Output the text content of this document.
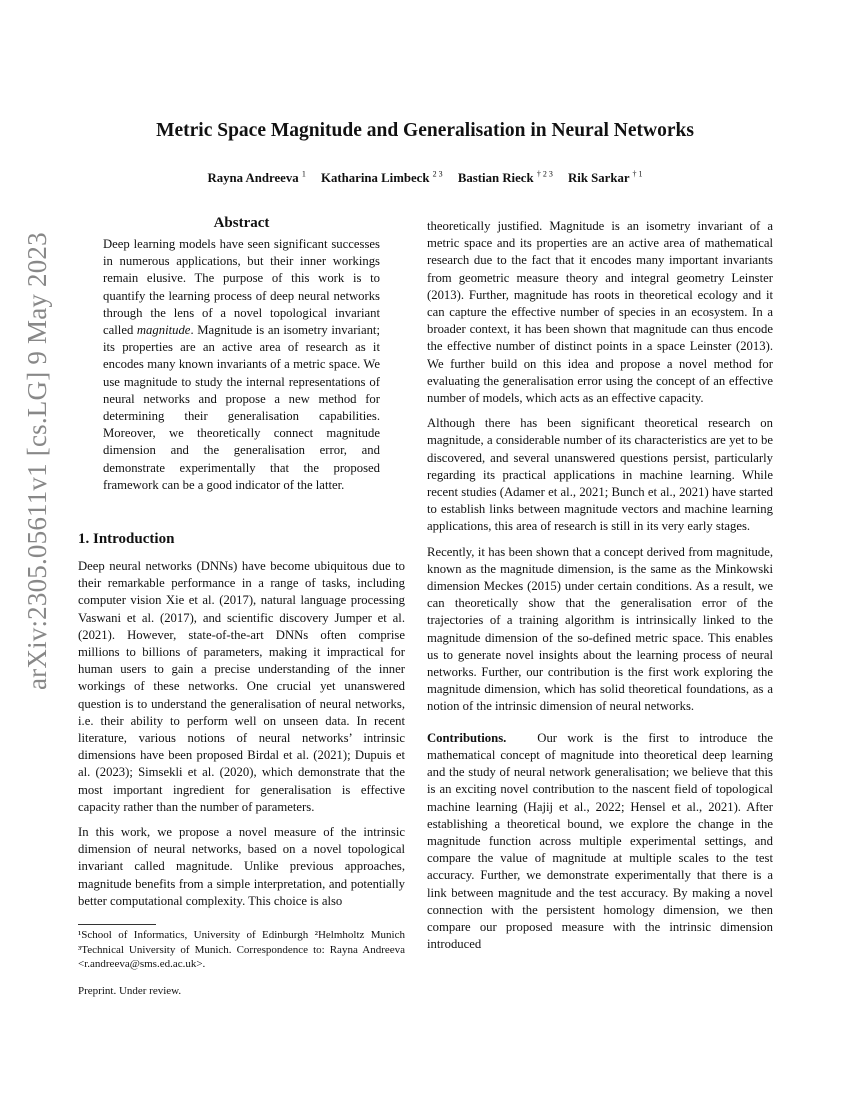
arXiv:2305.05611v1 [cs.LG] 9 May 2023
Metric Space Magnitude and Generalisation in Neural Networks
Rayna Andreeva $^1$ Katharina Limbeck $^{2 3}$ Bastian Rieck $^{\dagger 2 3}$ Rik Sarkar $^{\dagger 1}$
Abstract

Deep learning models have seen significant successes in numerous applications, but their inner workings remain elusive. The purpose of this work is to quantify the learning process of deep neural networks through the lens of a novel topological invariant called magnitude. Magnitude is an isometry invariant; its properties are an active area of research as it encodes many known invariants of a metric space. We use magnitude to study the internal representations of neural networks and propose a new method for determining their generalisation capabilities. Moreover, we theoretically connect magnitude dimension and the generalisation error, and demonstrate experimentally that the proposed framework can be a good indicator of the latter.

1. Introduction

Deep neural networks (DNNs) have become ubiquitous due to their remarkable performance in a range of tasks, including computer vision Xie et al. (2017), natural language processing Vaswani et al. (2017), and scientific discovery Jumper et al. (2021). However, state-of-the-art DNNs often comprise millions to billions of parameters, making it impractical for human users to gain a precise understanding of the inner workings of these networks. One crucial yet unanswered question is to understand the generalisation of neural networks, i.e. their ability to perform well on unseen data. In recent literature, various notions of neural networks’ intrinsic dimensions have been proposed Birdal et al. (2021); Dupuis et al. (2023); Simsekli et al. (2020), which demonstrate that the most important ingredient for generalisation is effective capacity rather than the number of parameters.

In this work, we propose a novel measure of the intrinsic dimension of neural networks, based on a novel topological invariant called magnitude. Unlike previous approaches, magnitude benefits from a simple interpretation, and potentially better computational complexity. This choice is also

¹School of Informatics, University of Edinburgh ²Helmholtz Munich ³Technical University of Munich. Correspondence to: Rayna Andreeva <r.andreeva@sms.ed.ac.uk>.
Preprint. Under review.

theoretically justified. Magnitude is an isometry invariant of a metric space and its properties are an active area of mathematical research due to the fact that it encodes many important invariants from geometric measure theory and integral geometry Leinster (2013). Further, magnitude has roots in theoretical ecology and it can capture the effective number of species in an ecosystem. In a broader context, it has been shown that magnitude can thus encode the effective number of distinct points in a space Leinster (2013). We further build on this idea and propose a novel method for evaluating the generalisation error using the concept of an effective number of models, which acts as an effective capacity.

Although there has been significant theoretical research on magnitude, a considerable number of its characteristics are yet to be discovered, and several unanswered questions persist, particularly regarding its practical applications in machine learning. While recent studies (Adamer et al., 2021; Bunch et al., 2021) have started to establish links between magnitude vectors and machine learning applications, this area of research is still in its very early stages.

Recently, it has been shown that a concept derived from magnitude, known as the magnitude dimension, is the same as the Minkowski dimension Meckes (2015) under certain conditions. As a result, we can theoretically show that the generalisation error of the trajectories of a training algorithm is intrinsically linked to the magnitude dimension of the so-defined metric space. This enables us to generate novel insights about the learning process of neural networks. Further, our contribution is the first work exploring the magnitude dimension, which has solid theoretical foundations, as a notion of the intrinsic dimension of neural networks.

Contributions. Our work is the first to introduce the mathematical concept of magnitude into theoretical deep learning and the study of neural network generalisation; we believe that this is an exciting novel contribution to the nascent field of topological machine learning (Hajij et al., 2022; Hensel et al., 2021). After establishing a theoretical bound, we explore the change in the magnitude function across multiple experimental settings, and compare the value of magnitude at multiple scales to the test accuracy. Further, we demonstrate experimentally that there is a link between magnitude and the test accuracy. By making a novel connection with the persistent homology dimension, we then compare our proposed measure with the intrinsic dimension introduced
